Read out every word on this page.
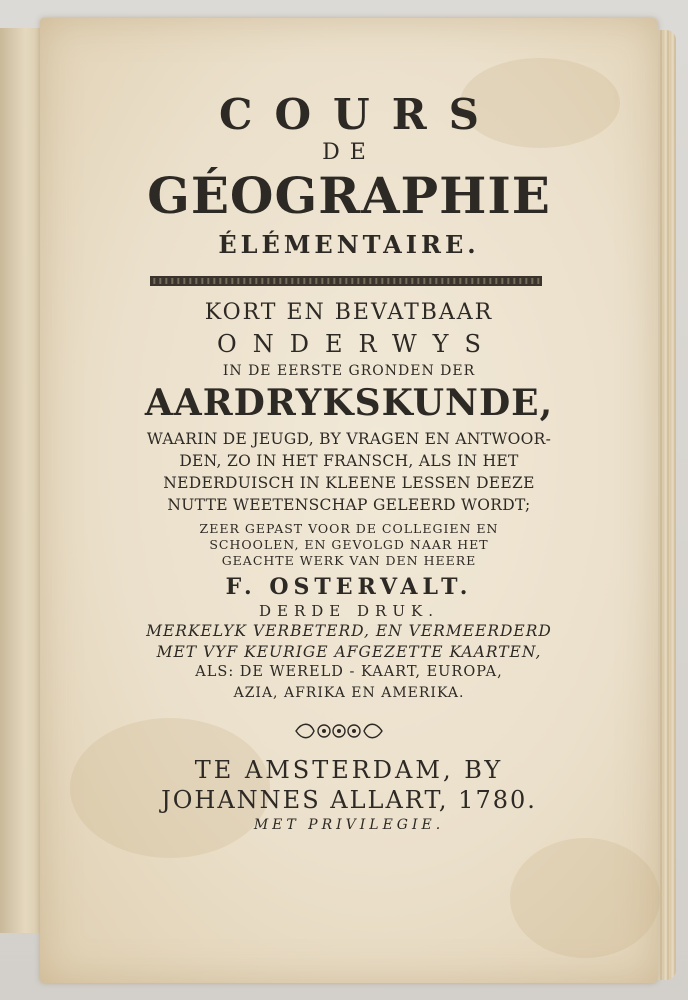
COURS
DE
GÉOGRAPHIE
ÉLÉMENTAIRE.
KORT EN BEVATBAAR
ONDERWYS
IN DE EERSTE GRONDEN DER
AARDRYKSKUNDE,
WAARIN DE JEUGD, BY VRAGEN EN ANTWOOR-
DEN, ZO IN HET FRANSCH, ALS IN HET
NEDERDUISCH IN KLEENE LESSEN DEEZE
NUTTE WEETENSCHAP GELEERD WORDT;
ZEER GEPAST VOOR DE COLLEGIEN EN
SCHOOLEN, EN GEVOLGD NAAR HET
GEACHTE WERK VAN DEN HEERE
F. OSTERVALT.
DERDE DRUK.
MERKELYK VERBETERD, EN VERMEERDERD
MET VYF KEURIGE AFGEZETTE KAARTEN,
ALS: DE WERELD - KAART, EUROPA,
AZIA, AFRIKA EN AMERIKA.
TE AMSTERDAM, BY
JOHANNES ALLART, 1780.
MET PRIVILEGIE.
